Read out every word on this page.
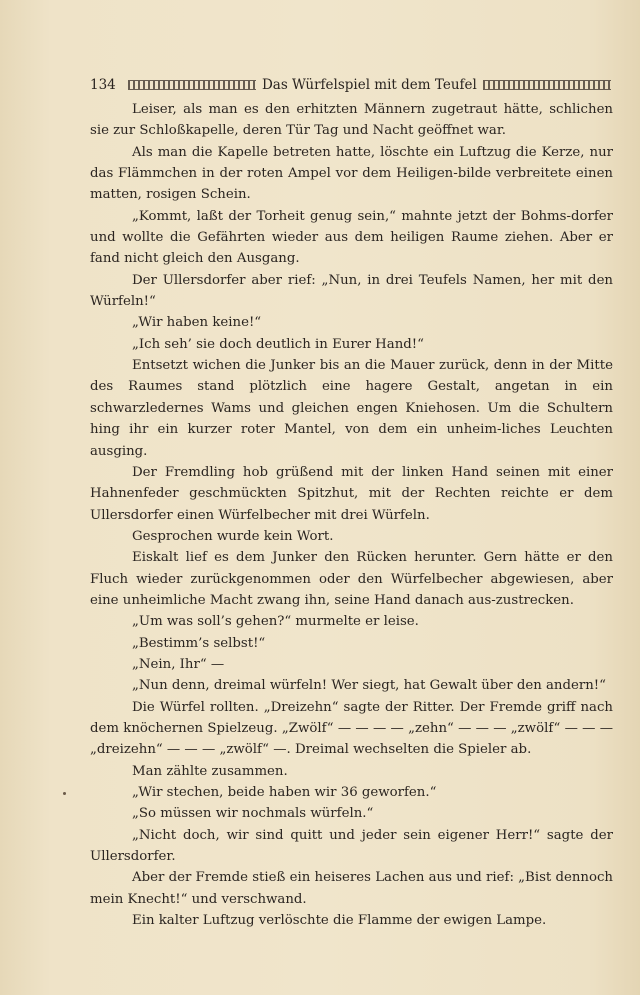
134	Das Würfelspiel mit dem Teufel

Leiser, als man es den erhitzten Männern zugetraut hätte, schlichen sie zur Schloßkapelle, deren Tür Tag und Nacht geöffnet war.

Als man die Kapelle betreten hatte, löschte ein Luftzug die Kerze, nur das Flämmchen in der roten Ampel vor dem Heiligen-bilde verbreitete einen matten, rosigen Schein.

„Kommt, laßt der Torheit genug sein,“ mahnte jetzt der Bohms-dorfer und wollte die Gefährten wieder aus dem heiligen Raume ziehen. Aber er fand nicht gleich den Ausgang.

Der Ullersdorfer aber rief: „Nun, in drei Teufels Namen, her mit den Würfeln!“

„Wir haben keine!“

„Ich seh’ sie doch deutlich in Eurer Hand!“

Entsetzt wichen die Junker bis an die Mauer zurück, denn in der Mitte des Raumes stand plötzlich eine hagere Gestalt, angetan in ein schwarzledernes Wams und gleichen engen Kniehosen. Um die Schultern hing ihr ein kurzer roter Mantel, von dem ein unheim-liches Leuchten ausging.

Der Fremdling hob grüßend mit der linken Hand seinen mit einer Hahnenfeder geschmückten Spitzhut, mit der Rechten reichte er dem Ullersdorfer einen Würfelbecher mit drei Würfeln.

Gesprochen wurde kein Wort.

Eiskalt lief es dem Junker den Rücken herunter. Gern hätte er den Fluch wieder zurückgenommen oder den Würfelbecher abgewiesen, aber eine unheimliche Macht zwang ihn, seine Hand danach aus-zustrecken.

„Um was soll’s gehen?“ murmelte er leise.

„Bestimm’s selbst!“

„Nein, Ihr“ —

„Nun denn, dreimal würfeln! Wer siegt, hat Gewalt über den andern!“

Die Würfel rollten. „Dreizehn“ sagte der Ritter. Der Fremde griff nach dem knöchernen Spielzeug. „Zwölf“ — — — — „zehn“ — — — „zwölf“ — — — „dreizehn“ — — — „zwölf“ —. Dreimal wechselten die Spieler ab.

Man zählte zusammen.

„Wir stechen, beide haben wir 36 geworfen.“

„So müssen wir nochmals würfeln.“

„Nicht doch, wir sind quitt und jeder sein eigener Herr!“ sagte der Ullersdorfer.

Aber der Fremde stieß ein heiseres Lachen aus und rief: „Bist dennoch mein Knecht!“ und verschwand.

Ein kalter Luftzug verlöschte die Flamme der ewigen Lampe.
